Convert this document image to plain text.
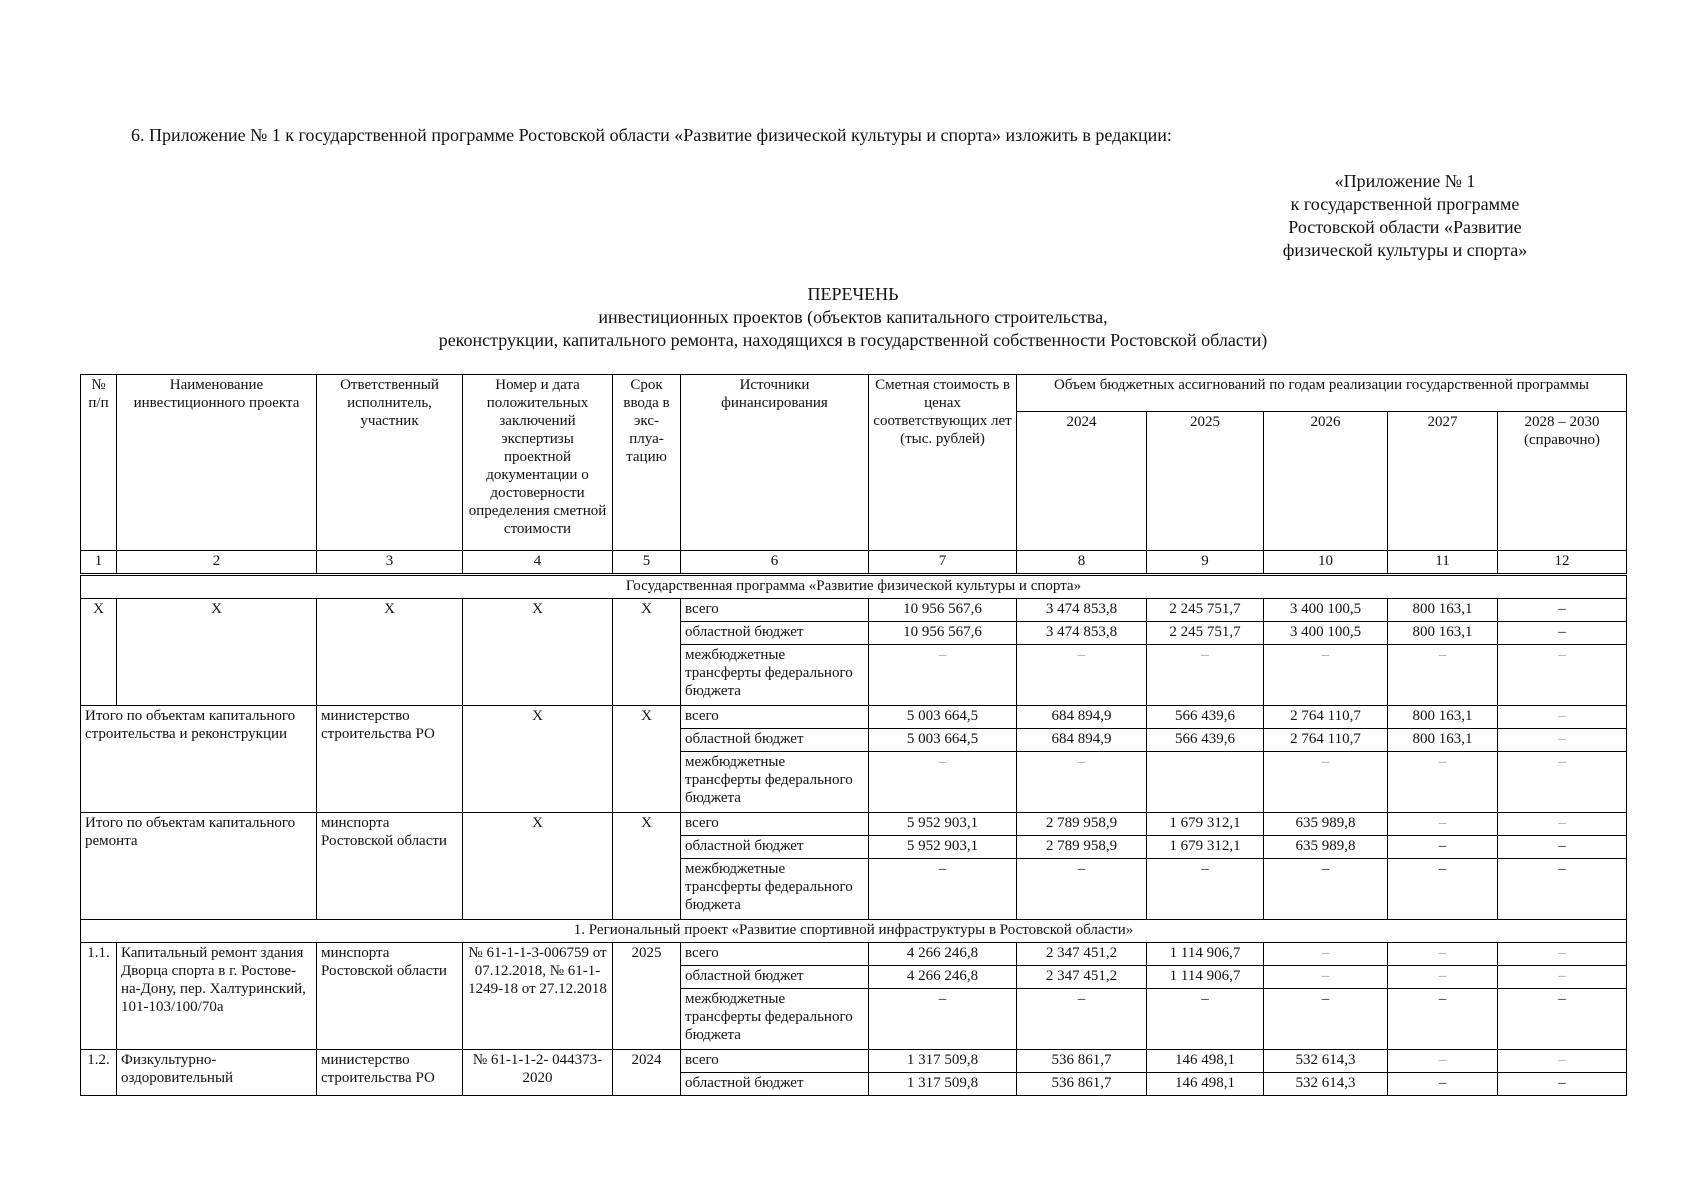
6. Приложение № 1 к государственной программе Ростовской области «Развитие физической культуры и спорта» изложить в редакции:

«Приложение № 1
к государственной программе
Ростовской области «Развитие
физической культуры и спорта»
ПЕРЕЧЕНЬ
инвестиционных проектов (объектов капитального строительства,
реконструкции, капитального ремонта, находящихся в государственной собственности Ростовской области)
№ п/п	Наименование инвестиционного проекта	Ответственный исполнитель, участник	Номер и дата положительных заключений экспертизы проектной документации о достоверности определения сметной стоимости	Срок ввода в экс- плуа- тацию	Источники финансирования	Сметная стоимость в ценах соответствующих лет (тыс. рублей)	Объем бюджетных ассигнований по годам реализации государственной программы				
							2024	2025	2026	2027	2028 – 2030 (справочно)
1	2	3	4	5	6	7	8	9	10	11	12
Государственная программа «Развитие физической культуры и спорта»											
X	X	X	X	X	всего	10 956 567,6	3 474 853,8	2 245 751,7	3 400 100,5	800 163,1	–
					областной бюджет	10 956 567,6	3 474 853,8	2 245 751,7	3 400 100,5	800 163,1	–
					межбюджетные трансферты федерального бюджета	–	–	–	–	–	–
Итого по объектам капитального строительства и реконструкции		министерство строительства РО	X	X	всего	5 003 664,5	684 894,9	566 439,6	2 764 110,7	800 163,1	–
					областной бюджет	5 003 664,5	684 894,9	566 439,6	2 764 110,7	800 163,1	–
					межбюджетные трансферты федерального бюджета	–	–		–	–	–
Итого по объектам капитального ремонта		минспорта Ростовской области	X	X	всего	5 952 903,1	2 789 958,9	1 679 312,1	635 989,8	–	–
					областной бюджет	5 952 903,1	2 789 958,9	1 679 312,1	635 989,8	–	–
					межбюджетные трансферты федерального бюджета	–	–	–	–	–	–
1. Региональный проект «Развитие спортивной инфраструктуры в Ростовской области»											
1.1.	Капитальный ремонт здания Дворца спорта в г. Ростове-на-Дону, пер. Халтуринский, 101-103/100/70а	минспорта Ростовской области	№ 61-1-1-3-006759 от 07.12.2018, № 61-1-1249-18 от 27.12.2018	2025	всего	4 266 246,8	2 347 451,2	1 114 906,7	–	–	–
					областной бюджет	4 266 246,8	2 347 451,2	1 114 906,7	–	–	–
					межбюджетные трансферты федерального бюджета	–	–	–	–	–	–
1.2.	Физкультурно- оздоровительный	министерство строительства РО	№ 61-1-1-2- 044373-2020	2024	всего	1 317 509,8	536 861,7	146 498,1	532 614,3	–	–
					областной бюджет	1 317 509,8	536 861,7	146 498,1	532 614,3	–	–
